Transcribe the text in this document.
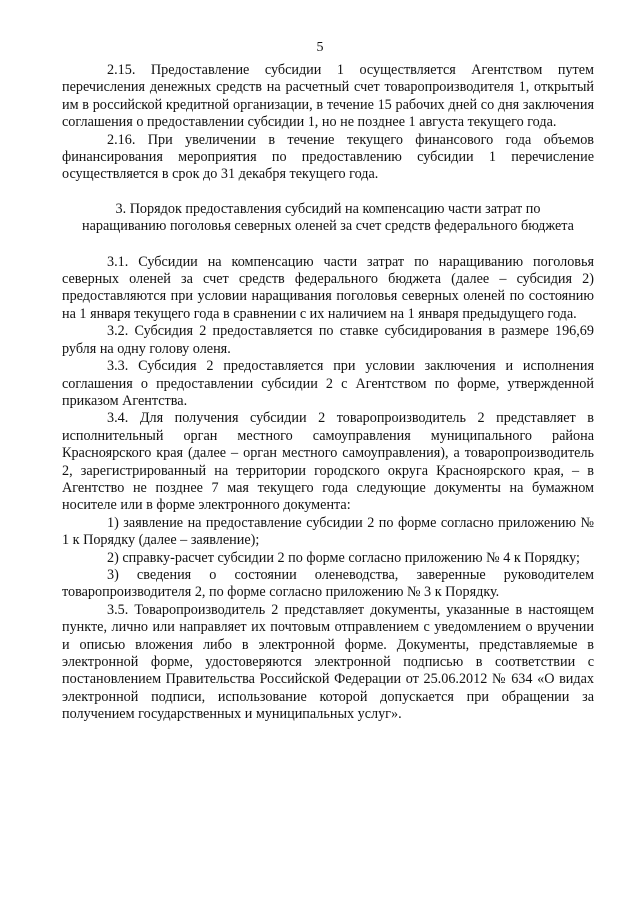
5

2.15. Предоставление субсидии 1 осуществляется Агентством путем перечисления денежных средств на расчетный счет товаропроизводителя 1, открытый им в российской кредитной организации, в течение 15 рабочих дней со дня заключения соглашения о предоставлении субсидии 1, но не позднее 1 августа текущего года.

2.16. При увеличении в течение текущего финансового года объемов финансирования мероприятия по предоставлению субсидии 1 перечисление осуществляется в срок до 31 декабря текущего года.

3. Порядок предоставления субсидий на компенсацию части затрат по наращиванию поголовья северных оленей за счет средств федерального бюджета

3.1. Субсидии на компенсацию части затрат по наращиванию поголовья северных оленей за счет средств федерального бюджета (далее – субсидия 2) предоставляются при условии наращивания поголовья северных оленей по состоянию на 1 января текущего года в сравнении с их наличием на 1 января предыдущего года.

3.2. Субсидия 2 предоставляется по ставке субсидирования в размере 196,69 рубля на одну голову оленя.

3.3. Субсидия 2 предоставляется при условии заключения и исполнения соглашения о предоставлении субсидии 2 с Агентством по форме, утвержденной приказом Агентства.

3.4. Для получения субсидии 2 товаропроизводитель 2 представляет в исполнительный орган местного самоуправления муниципального района Красноярского края (далее – орган местного самоуправления), а товаропроизводитель 2, зарегистрированный на территории городского округа Красноярского края, – в Агентство не позднее 7 мая текущего года следующие документы на бумажном носителе или в форме электронного документа:

1) заявление на предоставление субсидии 2 по форме согласно приложению № 1 к Порядку (далее – заявление);

2) справку-расчет субсидии 2 по форме согласно приложению № 4 к Порядку;

3) сведения о состоянии оленеводства, заверенные руководителем товаропроизводителя 2, по форме согласно приложению № 3 к Порядку.

3.5. Товаропроизводитель 2 представляет документы, указанные в настоящем пункте, лично или направляет их почтовым отправлением с уведомлением о вручении и описью вложения либо в электронной форме. Документы, представляемые в электронной форме, удостоверяются электронной подписью в соответствии с постановлением Правительства Российской Федерации от 25.06.2012 № 634 «О видах электронной подписи, использование которой допускается при обращении за получением государственных и муниципальных услуг».
